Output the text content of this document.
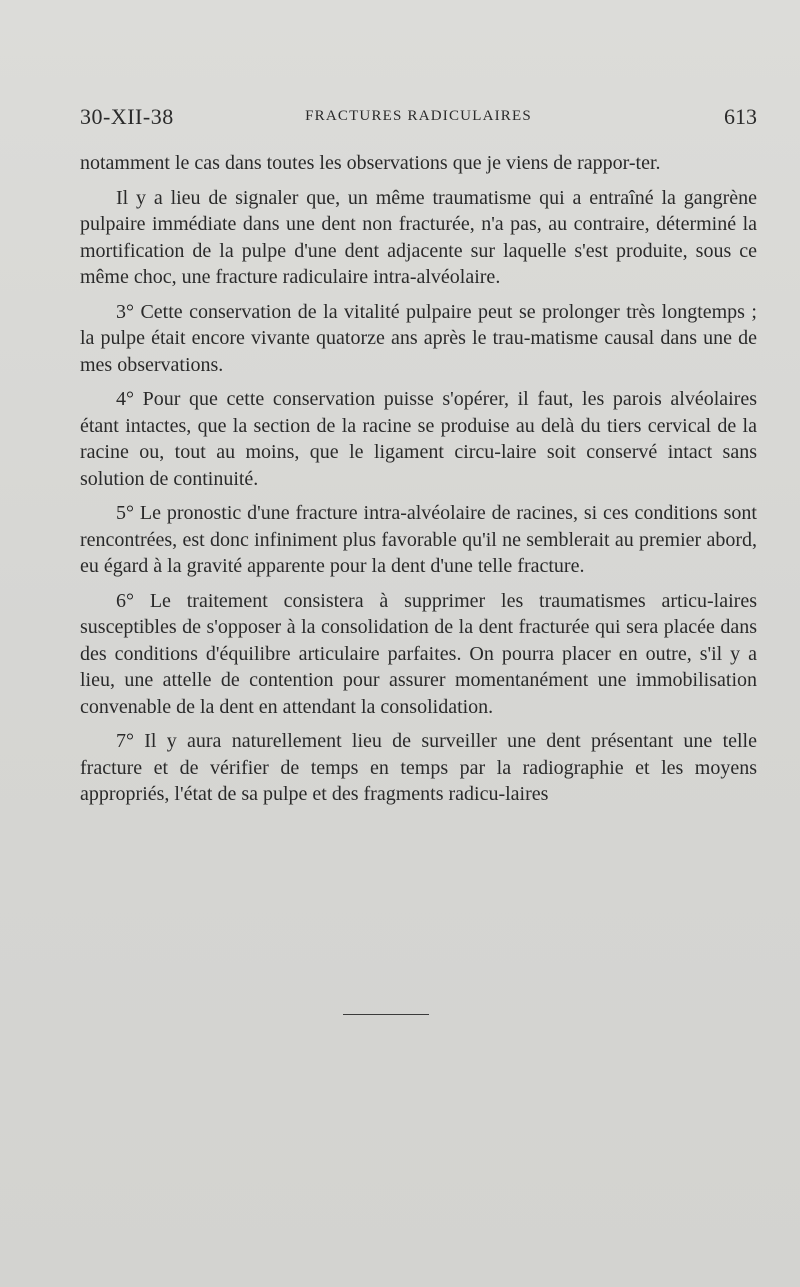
30-XII-38	FRACTURES RADICULAIRES	613

notamment le cas dans toutes les observations que je viens de rappor-ter.

Il y a lieu de signaler que, un même traumatisme qui a entraîné la gangrène pulpaire immédiate dans une dent non fracturée, n'a pas, au contraire, déterminé la mortification de la pulpe d'une dent adjacente sur laquelle s'est produite, sous ce même choc, une fracture radiculaire intra-alvéolaire.

3° Cette conservation de la vitalité pulpaire peut se prolonger très longtemps ; la pulpe était encore vivante quatorze ans après le trau-matisme causal dans une de mes observations.

4° Pour que cette conservation puisse s'opérer, il faut, les parois alvéolaires étant intactes, que la section de la racine se produise au delà du tiers cervical de la racine ou, tout au moins, que le ligament circu-laire soit conservé intact sans solution de continuité.

5° Le pronostic d'une fracture intra-alvéolaire de racines, si ces conditions sont rencontrées, est donc infiniment plus favorable qu'il ne semblerait au premier abord, eu égard à la gravité apparente pour la dent d'une telle fracture.

6° Le traitement consistera à supprimer les traumatismes articu-laires susceptibles de s'opposer à la consolidation de la dent fracturée qui sera placée dans des conditions d'équilibre articulaire parfaites. On pourra placer en outre, s'il y a lieu, une attelle de contention pour assurer momentanément une immobilisation convenable de la dent en attendant la consolidation.

7° Il y aura naturellement lieu de surveiller une dent présentant une telle fracture et de vérifier de temps en temps par la radiographie et les moyens appropriés, l'état de sa pulpe et des fragments radicu-laires
